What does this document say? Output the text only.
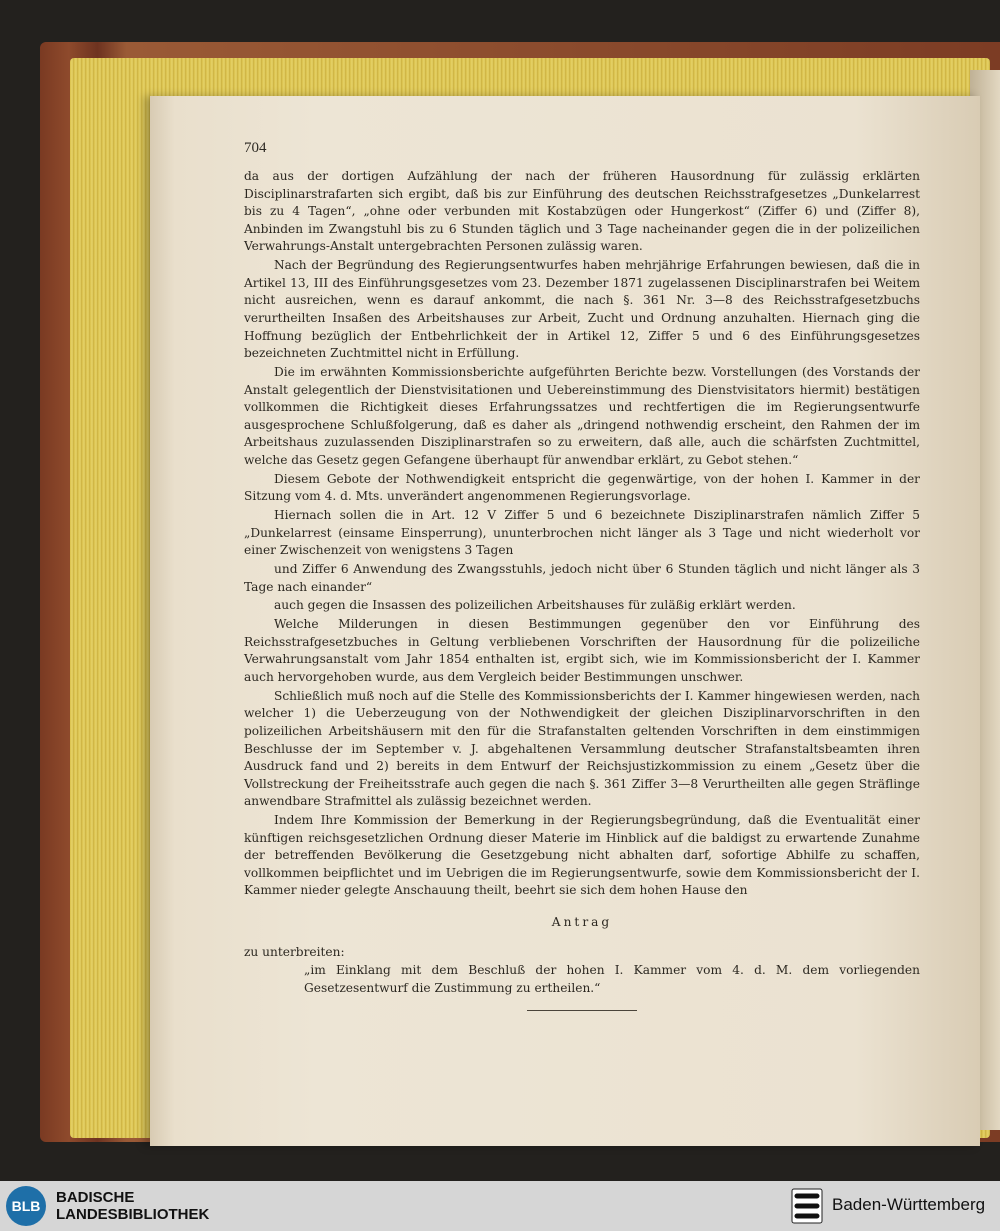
704

da aus der dortigen Aufzählung der nach der früheren Hausordnung für zulässig erklärten Disciplinarstrafarten sich ergibt, daß bis zur Einführung des deutschen Reichsstrafgesetzes „Dunkelarrest bis zu 4 Tagen“, „ohne oder verbunden mit Kostabzügen oder Hungerkost“ (Ziffer 6) und (Ziffer 8), Anbinden im Zwangstuhl bis zu 6 Stunden täglich und 3 Tage nacheinander gegen die in der polizeilichen Verwahrungs-Anstalt untergebrachten Personen zulässig waren.

Nach der Begründung des Regierungsentwurfes haben mehrjährige Erfahrungen bewiesen, daß die in Artikel 13, III des Einführungsgesetzes vom 23. Dezember 1871 zugelassenen Disciplinarstrafen bei Weitem nicht ausreichen, wenn es darauf ankommt, die nach §. 361 Nr. 3—8 des Reichsstrafgesetzbuchs verurtheilten Insaßen des Arbeitshauses zur Arbeit, Zucht und Ordnung anzuhalten. Hiernach ging die Hoffnung bezüglich der Entbehrlichkeit der in Artikel 12, Ziffer 5 und 6 des Einführungsgesetzes bezeichneten Zuchtmittel nicht in Erfüllung.

Die im erwähnten Kommissionsberichte aufgeführten Berichte bezw. Vorstellungen (des Vorstands der Anstalt gelegentlich der Dienstvisitationen und Uebereinstimmung des Dienstvisitators hiermit) bestätigen vollkommen die Richtigkeit dieses Erfahrungssatzes und rechtfertigen die im Regierungsentwurfe ausgesprochene Schlußfolgerung, daß es daher als „dringend nothwendig erscheint, den Rahmen der im Arbeitshaus zuzulassenden Disziplinarstrafen so zu erweitern, daß alle, auch die schärfsten Zuchtmittel, welche das Gesetz gegen Gefangene überhaupt für anwendbar erklärt, zu Gebot stehen.“

Diesem Gebote der Nothwendigkeit entspricht die gegenwärtige, von der hohen I. Kammer in der Sitzung vom 4. d. Mts. unverändert angenommenen Regierungsvorlage.

Hiernach sollen die in Art. 12 V Ziffer 5 und 6 bezeichnete Disziplinarstrafen nämlich Ziffer 5 „Dunkelarrest (einsame Einsperrung), ununterbrochen nicht länger als 3 Tage und nicht wiederholt vor einer Zwischenzeit von wenigstens 3 Tagen

und Ziffer 6 Anwendung des Zwangsstuhls, jedoch nicht über 6 Stunden täglich und nicht länger als 3 Tage nach einander“

auch gegen die Insassen des polizeilichen Arbeitshauses für zuläßig erklärt werden.

Welche Milderungen in diesen Bestimmungen gegenüber den vor Einführung des Reichsstrafgesetzbuches in Geltung verbliebenen Vorschriften der Hausordnung für die polizeiliche Verwahrungsanstalt vom Jahr 1854 enthalten ist, ergibt sich, wie im Kommissionsbericht der I. Kammer auch hervorgehoben wurde, aus dem Vergleich beider Bestimmungen unschwer.

Schließlich muß noch auf die Stelle des Kommissionsberichts der I. Kammer hingewiesen werden, nach welcher 1) die Ueberzeugung von der Nothwendigkeit der gleichen Disziplinarvorschriften in den polizeilichen Arbeitshäusern mit den für die Strafanstalten geltenden Vorschriften in dem einstimmigen Beschlusse der im September v. J. abgehaltenen Versammlung deutscher Strafanstaltsbeamten ihren Ausdruck fand und 2) bereits in dem Entwurf der Reichsjustizkommission zu einem „Gesetz über die Vollstreckung der Freiheitsstrafe auch gegen die nach §. 361 Ziffer 3—8 Verurtheilten alle gegen Sträflinge anwendbare Strafmittel als zulässig bezeichnet werden.

Indem Ihre Kommission der Bemerkung in der Regierungsbegründung, daß die Eventualität einer künftigen reichsgesetzlichen Ordnung dieser Materie im Hinblick auf die baldigst zu erwartende Zunahme der betreffenden Bevölkerung die Gesetzgebung nicht abhalten darf, sofortige Abhilfe zu schaffen, vollkommen beipflichtet und im Uebrigen die im Regierungsentwurfe, sowie dem Kommissionsbericht der I. Kammer nieder gelegte Anschauung theilt, beehrt sie sich dem hohen Hause den

Antrag

zu unterbreiten:

„im Einklang mit dem Beschluß der hohen I. Kammer vom 4. d. M. dem vorliegenden Gesetzesentwurf die Zustimmung zu ertheilen.“

BLB	BADISCHE
LANDESBIBLIOTHEK
Baden-Württemberg
